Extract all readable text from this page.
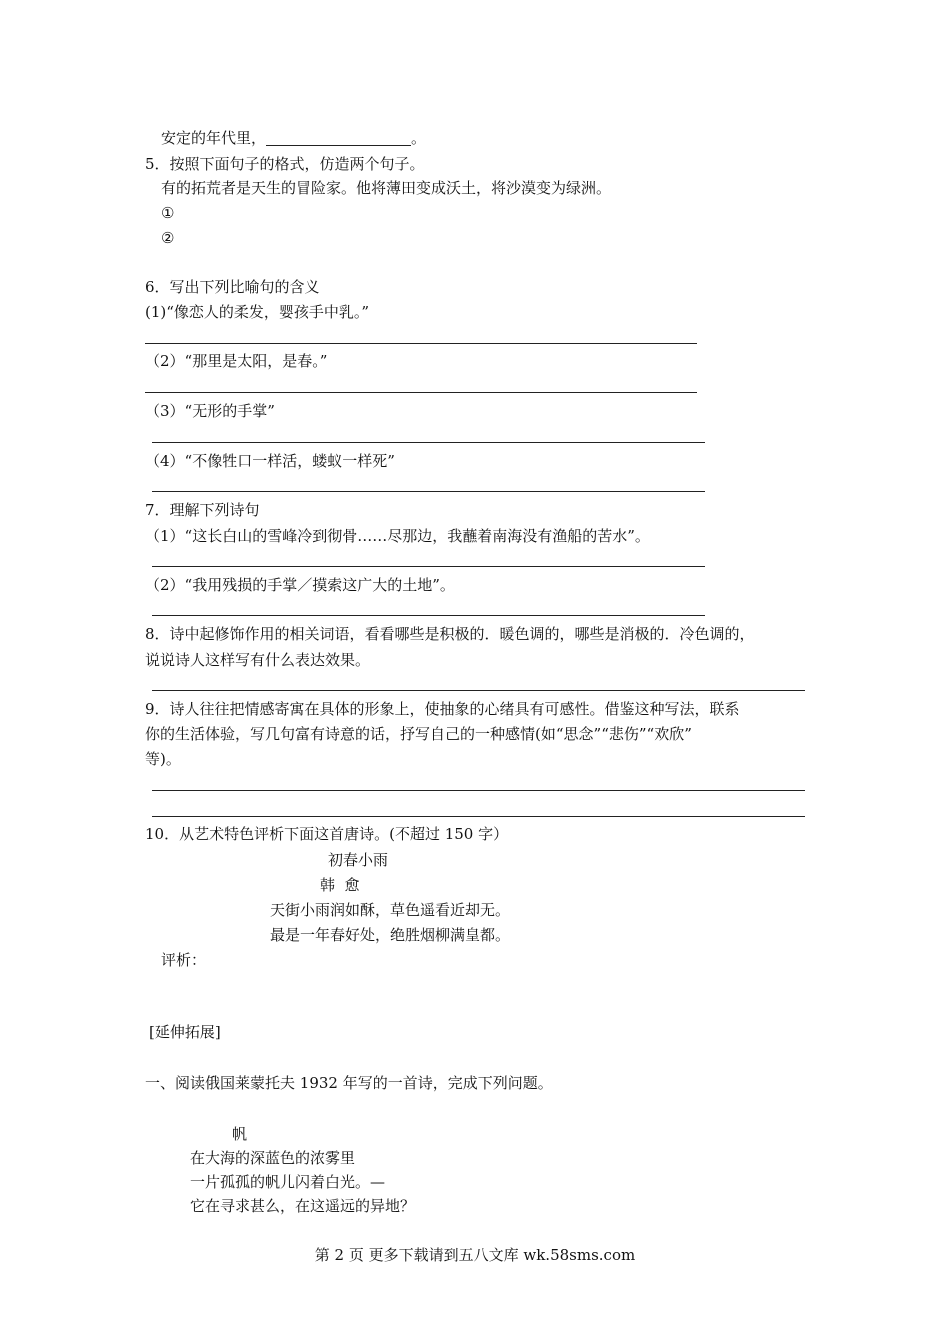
安定的年代里，	。
5．按照下面句子的格式，仿造两个句子。
有的拓荒者是天生的冒险家。他将薄田变成沃土，将沙漠变为绿洲。
①
②
6．写出下列比喻句的含义
(1)“像恋人的柔发，婴孩手中乳。”
（2）“那里是太阳，是春。”
（3）“无形的手掌”
（4）“不像牲口一样活，蝼蚁一样死”
7．理解下列诗句
（1）“这长白山的雪峰冷到彻骨……尽那边，我蘸着南海没有渔船的苦水”。
（2）“我用残损的手掌／摸索这广大的土地”。
8．诗中起修饰作用的相关词语，看看哪些是积极的．暖色调的，哪些是消极的．冷色调的，
说说诗人这样写有什么表达效果。
9．诗人往往把情感寄寓在具体的形象上，使抽象的心绪具有可感性。借鉴这种写法，联系
你的生活体验，写几句富有诗意的话，抒写自己的一种感情(如“思念”“悲伤”“欢欣”
等)。
10．从艺术特色评析下面这首唐诗。(不超过 150 字）
初春小雨
韩  愈
天街小雨润如酥，草色遥看近却无。
最是一年春好处，绝胜烟柳满皇都。
评析：
[延伸拓展]
一、阅读俄国莱蒙托夫 1932 年写的一首诗，完成下列问题。
帆
在大海的深蓝色的浓雾里
一片孤孤的帆儿闪着白光。—
它在寻求甚么，在这遥远的异地？
第 2 页 更多下载请到五八文库 wk.58sms.com
